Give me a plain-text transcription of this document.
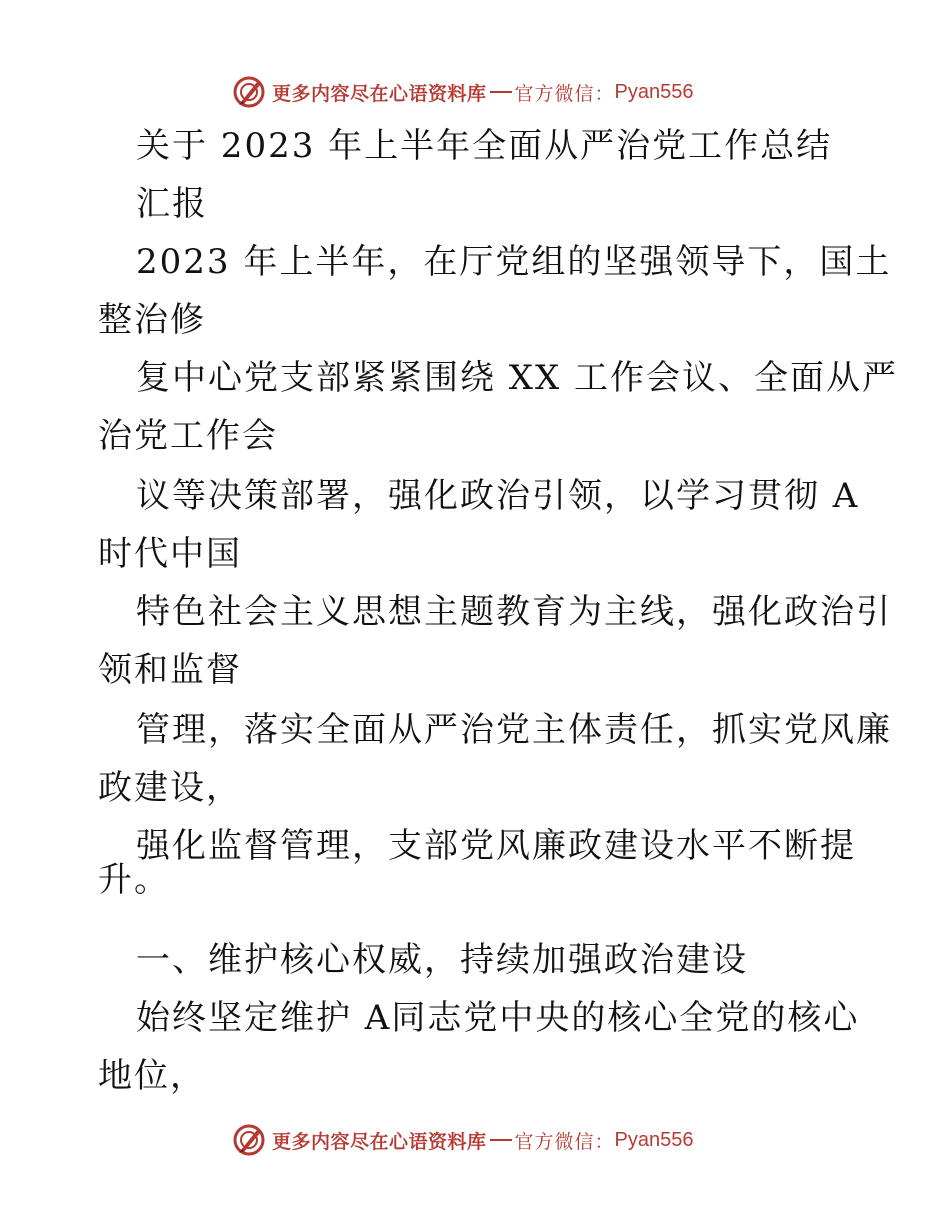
更多内容尽在心语资料库 官方微信： Pyan556

关于 2023 年上半年全面从严治党工作总结

汇报

2023 年上半年，在厅党组的坚强领导下，国土

整治修

复中心党支部紧紧围绕 XX 工作会议、全面从严

治党工作会

议等决策部署，强化政治引领，以学习贯彻 A

时代中国

特色社会主义思想主题教育为主线，强化政治引

领和监督

管理，落实全面从严治党主体责任，抓实党风廉

政建设，

强化监督管理，支部党风廉政建设水平不断提

升。

一、维护核心权威，持续加强政治建设

始终坚定维护 A同志党中央的核心全党的核心

地位，

更多内容尽在心语资料库 官方微信： Pyan556
